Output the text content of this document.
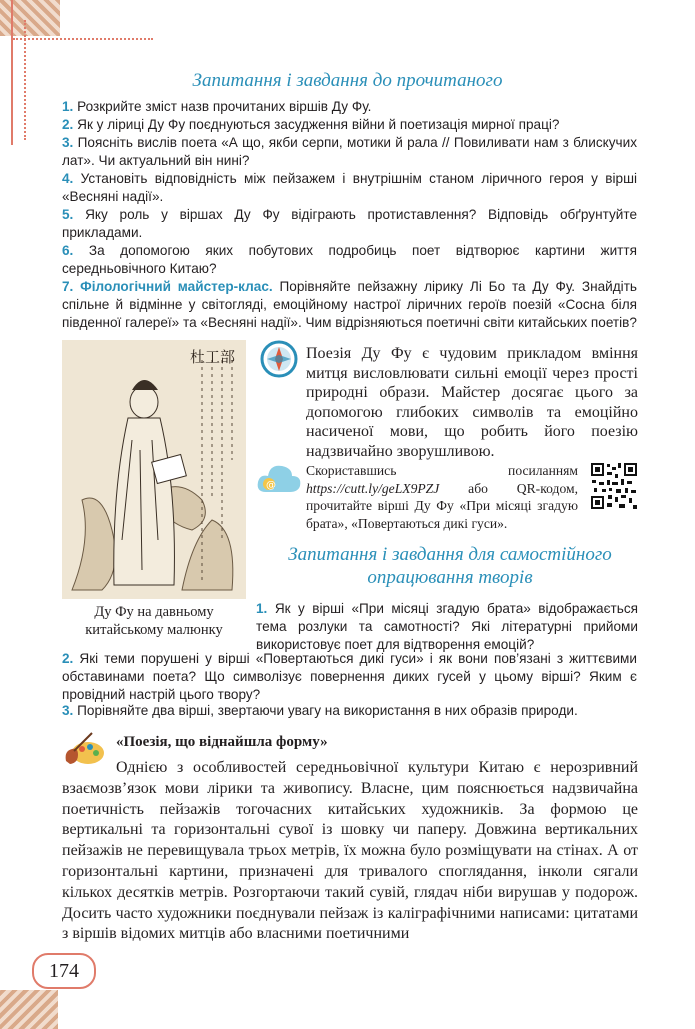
Запитання і завдання до прочитаного
1. Розкрийте зміст назв прочитаних віршів Ду Фу.
2. Як у ліриці Ду Фу поєднуються засудження війни й поетизація мирної праці?
3. Поясніть вислів поета «А що, якби серпи, мотики й рала // Повиливати нам з блискучих лат». Чи актуальний він нині?
4. Установіть відповідність між пейзажем і внутрішнім станом ліричного героя у вірші «Весняні надії».
5. Яку роль у віршах Ду Фу відіграють протиставлення? Відповідь обґрунтуйте прикладами.
6. За допомогою яких побутових подробиць поет відтворює картини життя середньовічного Китаю?
7. Філологічний майстер-клас. Порівняйте пейзажну лірику Лі Бо та Ду Фу. Знайдіть спільне й відмінне у світогляді, емоційному настрої ліричних героїв поезій «Сосна біля південної галереї» та «Весняні надії». Чим відрізняються поетичні світи китайських поетів?
杜工部
Ду Фу на давньому китайському малюнку
Поезія Ду Фу є чудовим прикладом вміння митця висловлювати сильні емоції через прості природні образи. Майстер досягає цього за допомогою глибоких символів та емоційно насиченої мови, що робить його поезію надзвичайно зворушливою.
@
Скориставшись посиланням https://cutt.ly/geLX9PZJ або QR-кодом, прочитайте вірші Ду Фу «При місяці згадую брата», «Повертаються дикі гуси».
Запитання і завдання для самостійного
опрацювання творів
1. Як у вірші «При місяці згадую брата» відображається тема розлуки та самотності? Які літературні прийоми використовує поет для відтворення емоцій?
2. Які теми порушені у вірші «Повертаються дикі гуси» і як вони пов’язані з життєвими обставинами поета? Що символізує повернення диких гусей у цьому вірші? Яким є провідний настрій цього твору?
3. Порівняйте два вірші, звертаючи увагу на використання в них образів природи.
«Поезія, що віднайшла форму»
Однією з особливостей середньовічної культури Китаю є нерозривний взаємозв’язок мови лірики та живопису. Власне, цим пояснюється надзвичайна поетичність пейзажів тогочасних китайських художників. За формою це вертикальні та горизонтальні сувої із шовку чи паперу. Довжина вертикальних пейзажів не перевищувала трьох метрів, їх можна було розміщувати на стінах. А от горизонтальні картини, призначені для тривалого споглядання, інколи сягали кількох десятків метрів. Розгортаючи такий сувій, глядач ніби вирушав у подорож. Досить часто художники поєднували пейзаж із каліграфічними написами: цитатами з віршів відомих митців або власними поетичними
174
